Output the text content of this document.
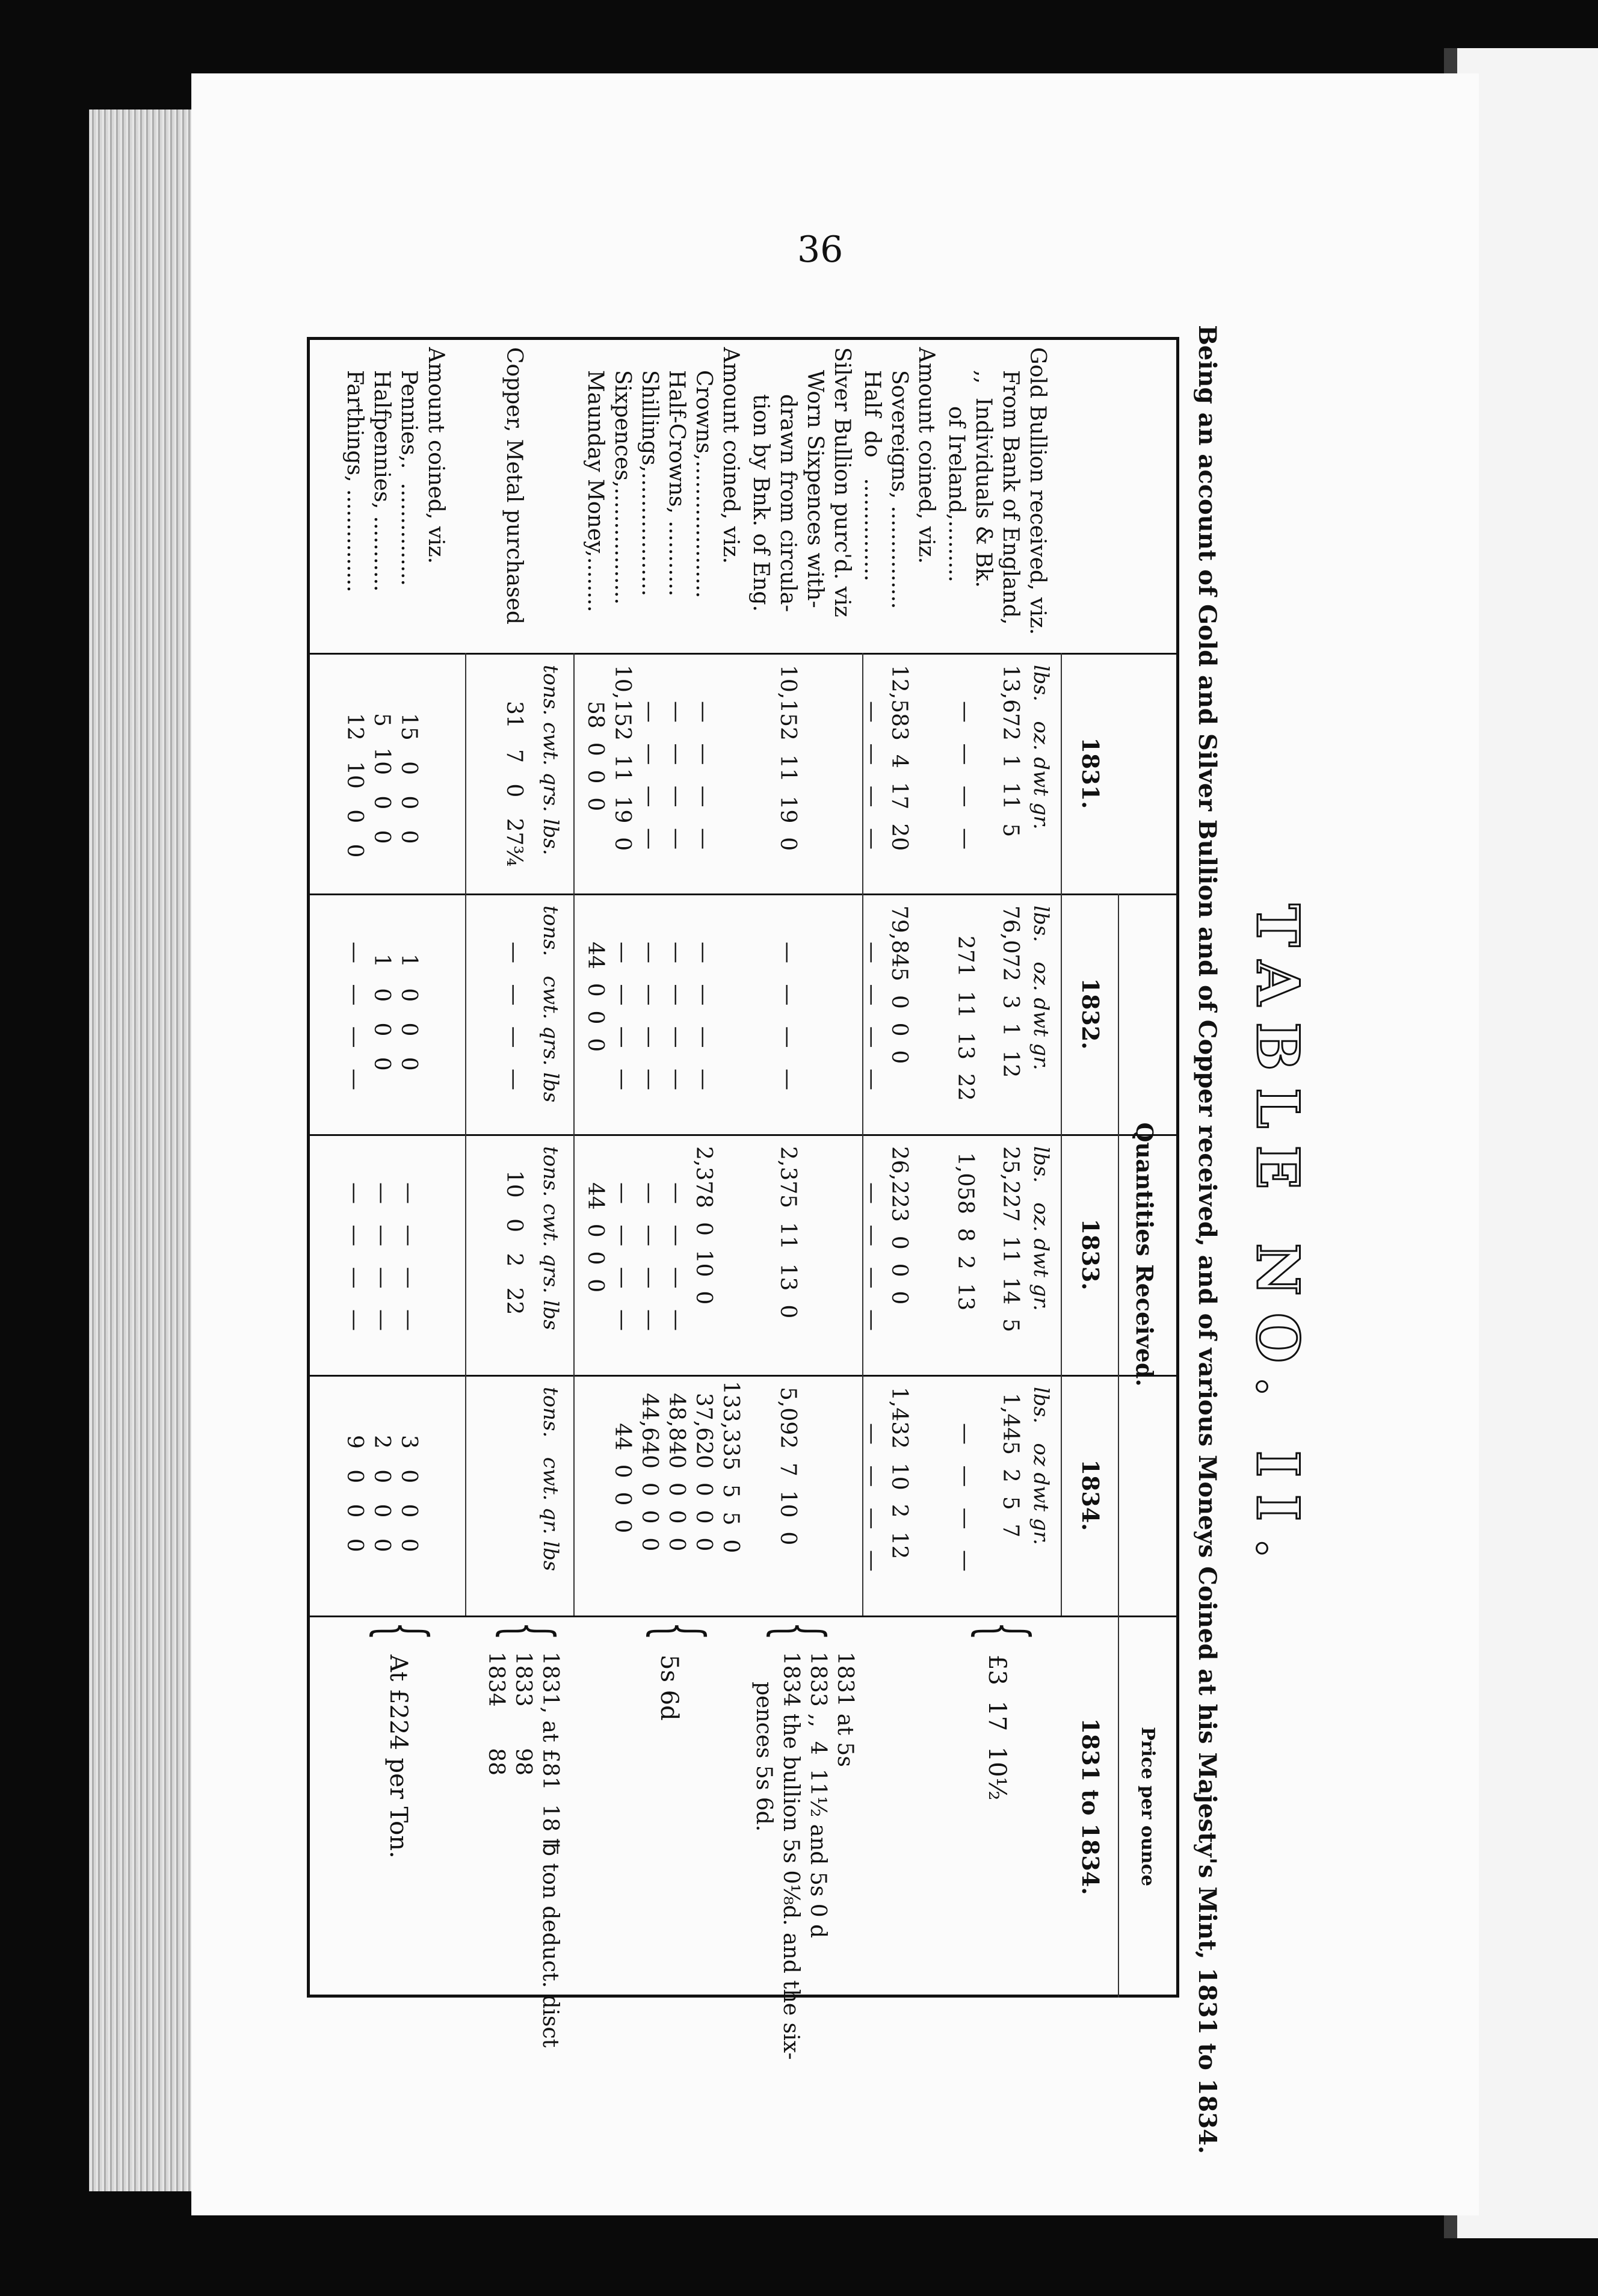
36
TABLE NO. II.
Being an account of Gold and Silver Bullion and of Copper received, and of various Moneys Coined at his Majesty's Mint, 1831 to 1834.
Quantities Received.
Price per ounce
1831.
1832.
1833.
1834.
1831 to 1834.
lbs.   oz. dwt gr.
lbs.   oz. dwt gr.
lbs.   oz. dwt gr.
lbs.   oz dwt gr.
Gold Bullion received, viz.
From Bank of England,
,,  Individuals & Bk.
of Ireland,.........
Amount coined, viz.
Sovereigns, ...............
Half  do   ...............
Silver Bullion purc'd. viz
Worn Sixpences with-
drawn from circula-
tion by Bnk. of Eng.
Amount coined, viz.
Crowns,....................
Half-Crowns, ...........
Shillings,..................
Sixpences,.................
Maunday Money,........
Copper, Metal purchased
Amount coined, viz.
Pennies,.  ...............
Halfpennies, ...........
Farthings, ...............
tons. cwt. qrs. lbs.
tons.   cwt. qrs. lbs
tons. cwt. qrs. lbs
tons.   cwt. qr. lbs
13,672  1  11  5
—   —   —   —
12,583  4  17  20
—   —   —   —
10,152  11  19  0
—   —   —   —
—   —   —   —
—   —   —   —
10,152  11  19  0
58  0  0  0
31   7   0   27¾
15   0   0   0
5   10   0   0
12   10   0   0
76,072  3  1  12
271  11  13  22
79,845  0  0  0
—   —   —   —
—   —   —   —
—   —   —   —
—   —   —   —
—   —   —   —
—   —   —   —
44  0  0  0
—   —   —   —
1   0   0   0
1   0   0   0
—   —   —   —
25,227  11  14  5
1,058  8  2  13
26,223  0  0  0
—   —   —   —
2,375  11  13  0
2,378  0  10  0
—   —   —   —
—   —   —   —
—   —   —   —
44  0  0  0
10   0   2   22
—   —   —   —
—   —   —   —
—   —   —   —
1,445  2  5  7
—   —   —   —
1,432  10  2  12
—   —   —   —
5,092  7  10  0
133,335  5  5  0
37,620  0  0  0
48,840  0  0  0
44,640  0  0  0
44  0  0  0
3   0   0   0
2   0   0   0
9   0   0   0
{
£3  17  10½
{
1831 at 5s
1833 ,,  4  11½ and 5s 0 d
1834 the bullion 5s 0⅛d. and the six-
pences 5s 6d.
{
5s 6d
{
1831, at £81  18 ℔ ton deduct. disct
1833      98
1834      88
{
At £224 per Ton.
